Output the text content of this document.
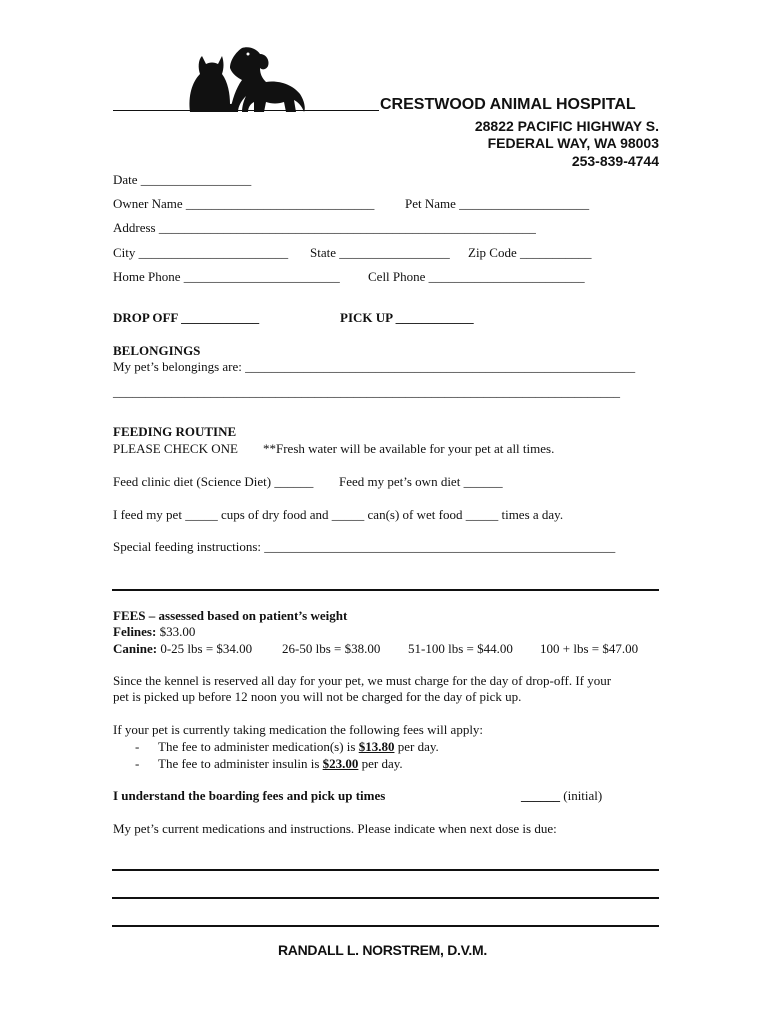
CRESTWOOD ANIMAL HOSPITAL
28822 PACIFIC HIGHWAY S.
FEDERAL WAY, WA 98003
253-839-4744
Date _________________
Owner Name _____________________________ Pet Name ____________________
Address __________________________________________________________
City _______________________ State _________________ Zip Code ___________
Home Phone ________________________ Cell Phone ________________________
DROP OFF ____________	PICK UP ____________
BELONGINGS
My pet’s belongings are: ____________________________________________________________
______________________________________________________________________________
FEEDING ROUTINE
PLEASE CHECK ONE **Fresh water will be available for your pet at all times.
Feed clinic diet (Science Diet) ______ Feed my pet’s own diet ______
I feed my pet _____ cups of dry food and _____ can(s) of wet food _____ times a day.
Special feeding instructions: ______________________________________________________
FEES – assessed based on patient’s weight
Felines: $33.00
Canine: 0-25 lbs = $34.00 26-50 lbs = $38.00 51-100 lbs = $44.00 100 + lbs = $47.00
Since the kennel is reserved all day for your pet, we must charge for the day of drop-off. If your
pet is picked up before 12 noon you will not be charged for the day of pick up.
If your pet is currently taking medication the following fees will apply:
- The fee to administer medication(s) is $13.80 per day.
- The fee to administer insulin is $23.00 per day.
I understand the boarding fees and pick up times	______ (initial)
My pet’s current medications and instructions. Please indicate when next dose is due:
RANDALL L. NORSTREM, D.V.M.
